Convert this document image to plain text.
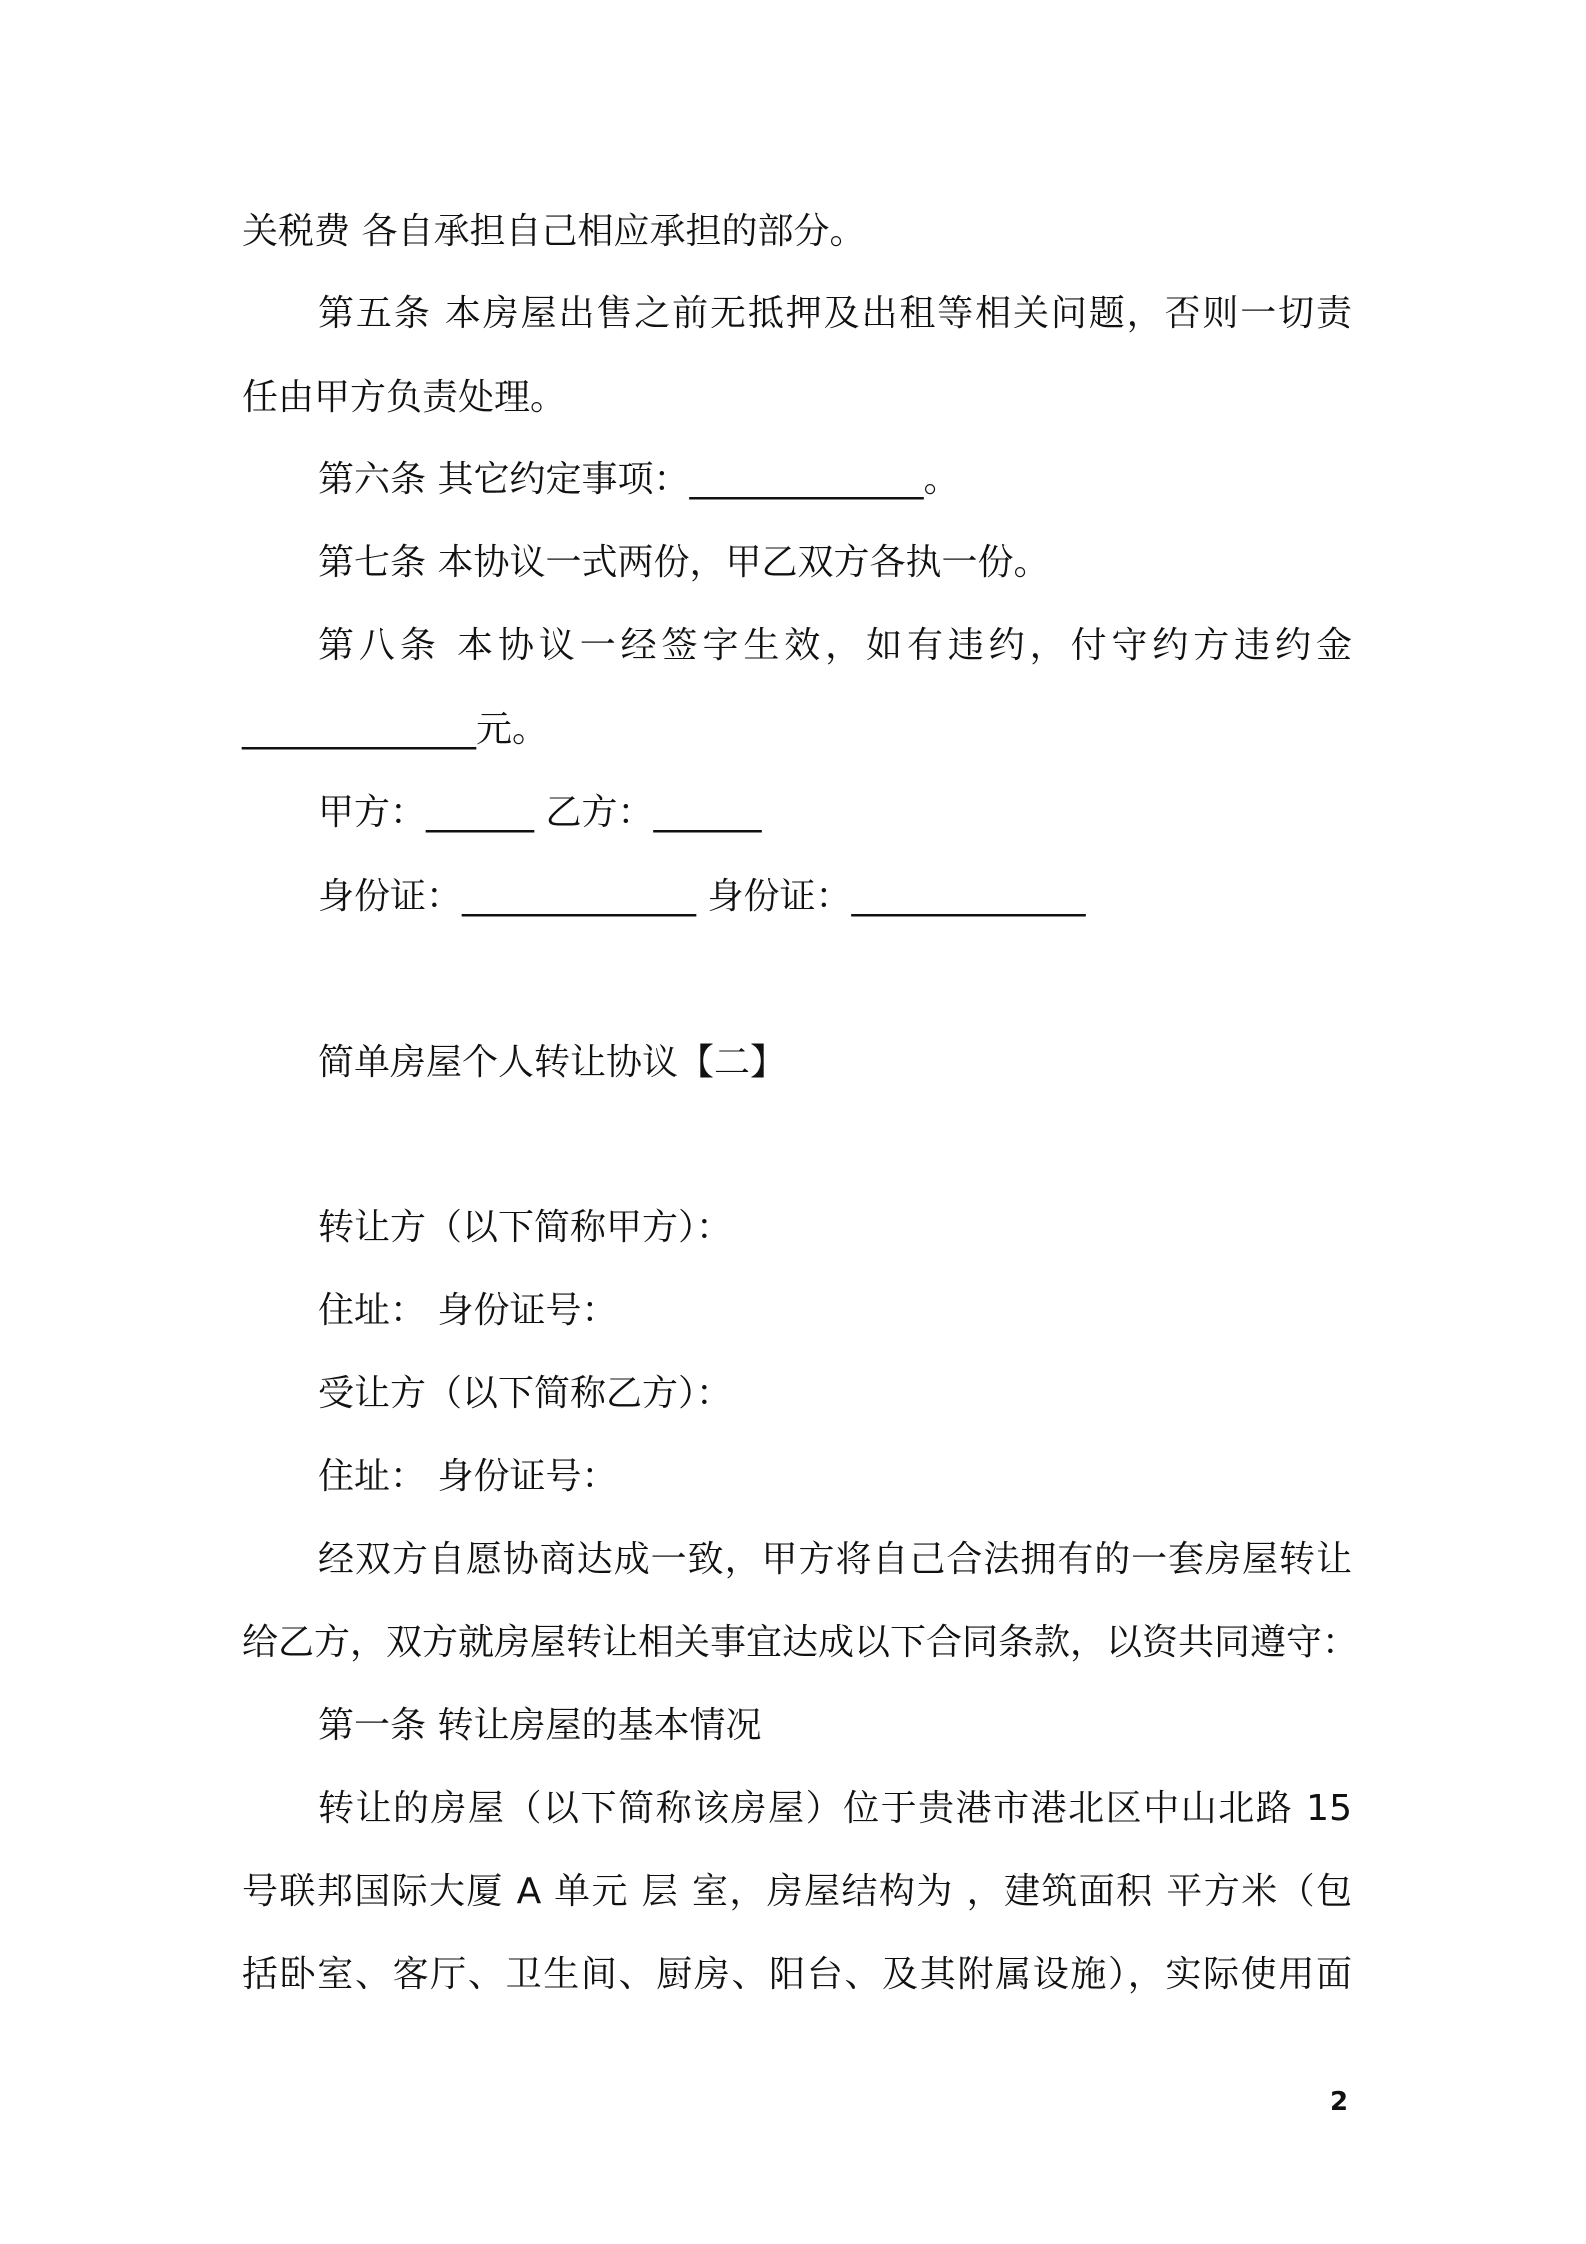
关税费 各自承担自己相应承担的部分。
第五条 本房屋出售之前无抵押及出租等相关问题，否则一切责
任由甲方负责处理。
第六条 其它约定事项：_____________。
第七条 本协议一式两份，甲乙双方各执一份。
第八条 本协议一经签字生效，如有违约，付守约方违约金
_____________元。
甲方：______ 乙方：______
身份证：_____________ 身份证：_____________
简单房屋个人转让协议【二】
转让方（以下简称甲方）：
住址： 身份证号：
受让方（以下简称乙方）：
住址： 身份证号：
经双方自愿协商达成一致，甲方将自己合法拥有的一套房屋转让
给乙方，双方就房屋转让相关事宜达成以下合同条款，以资共同遵守：
第一条 转让房屋的基本情况
转让的房屋（以下简称该房屋）位于贵港市港北区中山北路 15
号联邦国际大厦 A 单元 层 室，房屋结构为 ，建筑面积 平方米（包
括卧室、客厅、卫生间、厨房、阳台、及其附属设施），实际使用面
2
